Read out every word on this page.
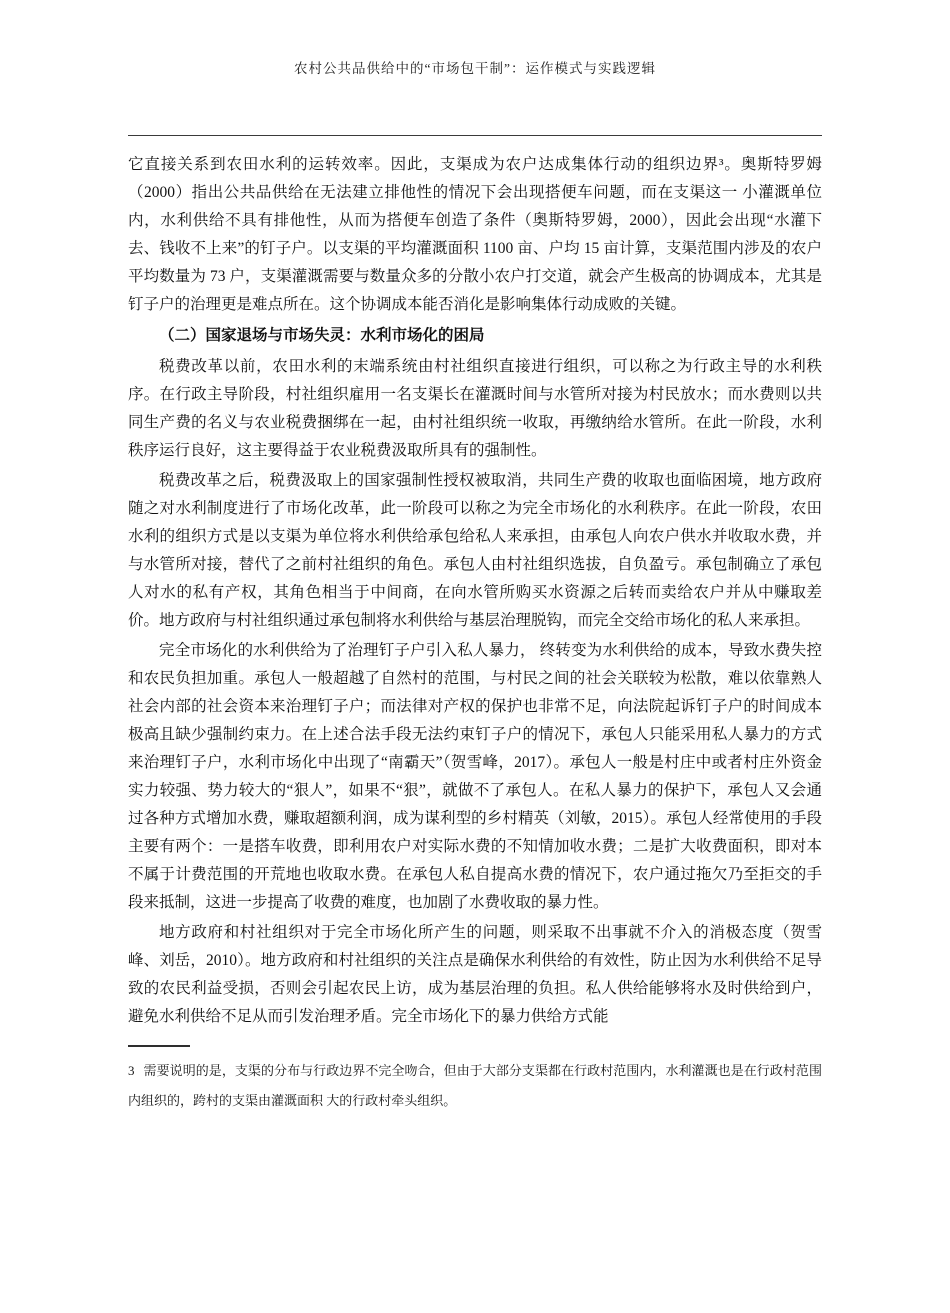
农村公共品供给中的“市场包干制”：运作模式与实践逻辑

它直接关系到农田水利的运转效率。因此，支渠成为农户达成集体行动的组织边界³。奥斯特罗姆（2000）指出公共品供给在无法建立排他性的情况下会出现搭便车问题，而在支渠这一 小灌溉单位内，水利供给不具有排他性，从而为搭便车创造了条件（奥斯特罗姆，2000），因此会出现“水灌下去、钱收不上来”的钉子户。以支渠的平均灌溉面积 1100 亩、户均 15 亩计算，支渠范围内涉及的农户平均数量为 73 户，支渠灌溉需要与数量众多的分散小农户打交道，就会产生极高的协调成本，尤其是钉子户的治理更是难点所在。这个协调成本能否消化是影响集体行动成败的关键。

（二）国家退场与市场失灵：水利市场化的困局

税费改革以前，农田水利的末端系统由村社组织直接进行组织，可以称之为行政主导的水利秩序。在行政主导阶段，村社组织雇用一名支渠长在灌溉时间与水管所对接为村民放水；而水费则以共同生产费的名义与农业税费捆绑在一起，由村社组织统一收取，再缴纳给水管所。在此一阶段，水利秩序运行良好，这主要得益于农业税费汲取所具有的强制性。

税费改革之后，税费汲取上的国家强制性授权被取消，共同生产费的收取也面临困境，地方政府随之对水利制度进行了市场化改革，此一阶段可以称之为完全市场化的水利秩序。在此一阶段，农田水利的组织方式是以支渠为单位将水利供给承包给私人来承担，由承包人向农户供水并收取水费，并与水管所对接，替代了之前村社组织的角色。承包人由村社组织选拔，自负盈亏。承包制确立了承包人对水的私有产权，其角色相当于中间商，在向水管所购买水资源之后转而卖给农户并从中赚取差价。地方政府与村社组织通过承包制将水利供给与基层治理脱钩，而完全交给市场化的私人来承担。

完全市场化的水利供给为了治理钉子户引入私人暴力， 终转变为水利供给的成本，导致水费失控和农民负担加重。承包人一般超越了自然村的范围，与村民之间的社会关联较为松散，难以依靠熟人社会内部的社会资本来治理钉子户；而法律对产权的保护也非常不足，向法院起诉钉子户的时间成本极高且缺少强制约束力。在上述合法手段无法约束钉子户的情况下，承包人只能采用私人暴力的方式来治理钉子户，水利市场化中出现了“南霸天”（贺雪峰，2017）。承包人一般是村庄中或者村庄外资金实力较强、势力较大的“狠人”，如果不“狠”，就做不了承包人。在私人暴力的保护下，承包人又会通过各种方式增加水费，赚取超额利润，成为谋利型的乡村精英（刘敏，2015）。承包人经常使用的手段主要有两个：一是搭车收费，即利用农户对实际水费的不知情加收水费；二是扩大收费面积，即对本不属于计费范围的开荒地也收取水费。在承包人私自提高水费的情况下，农户通过拖欠乃至拒交的手段来抵制，这进一步提高了收费的难度，也加剧了水费收取的暴力性。

地方政府和村社组织对于完全市场化所产生的问题，则采取不出事就不介入的消极态度（贺雪峰、刘岳，2010）。地方政府和村社组织的关注点是确保水利供给的有效性，防止因为水利供给不足导致的农民利益受损，否则会引起农民上访，成为基层治理的负担。私人供给能够将水及时供给到户，避免水利供给不足从而引发治理矛盾。完全市场化下的暴力供给方式能

3 需要说明的是，支渠的分布与行政边界不完全吻合，但由于大部分支渠都在行政村范围内，水利灌溉也是在行政村范围内组织的，跨村的支渠由灌溉面积 大的行政村牵头组织。
